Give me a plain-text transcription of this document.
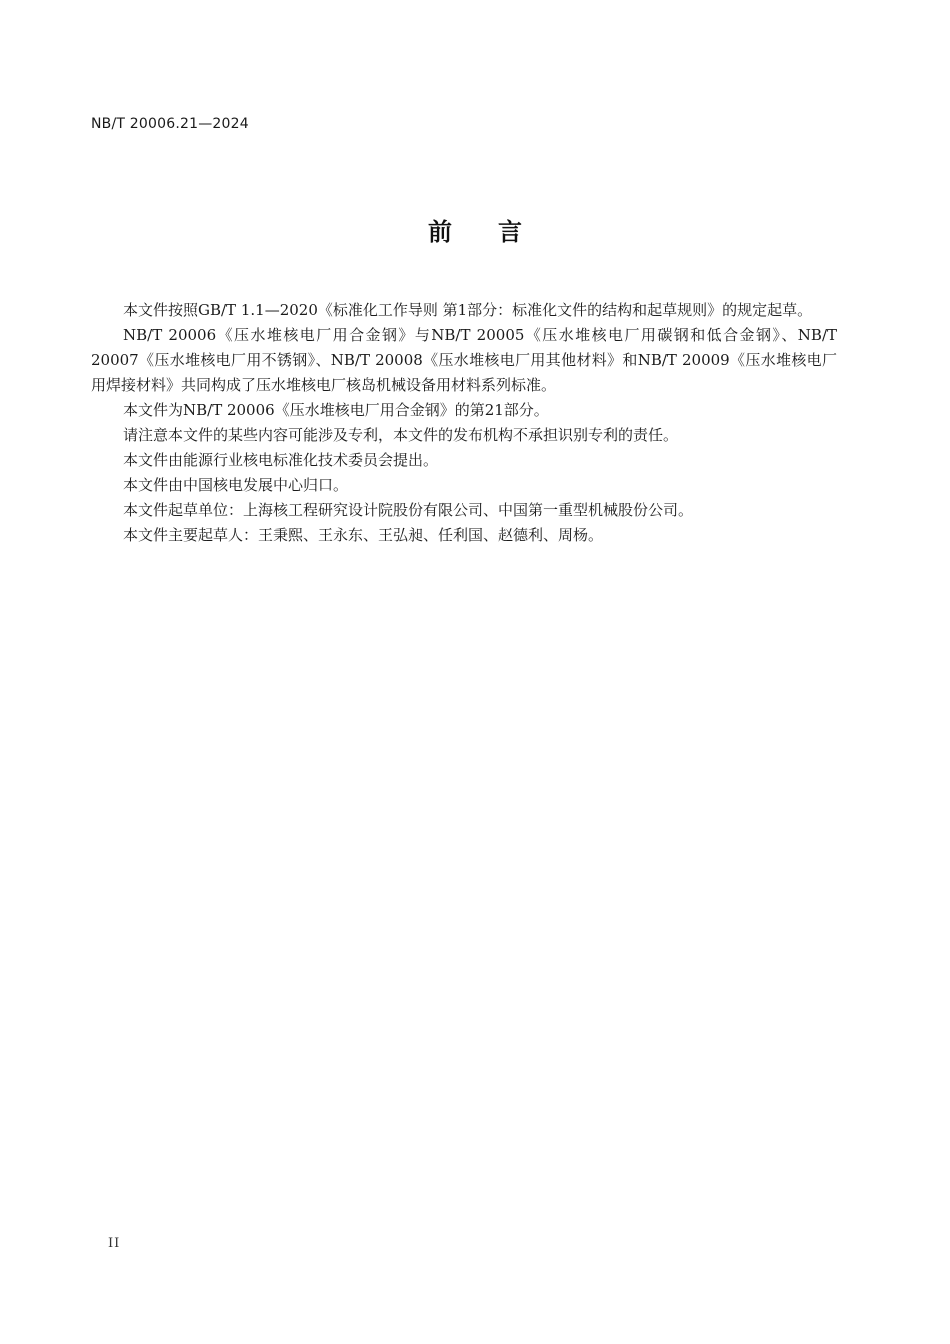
NB/T 20006.21—2024
前 言

本文件按照GB/T 1.1—2020《标准化工作导则 第1部分：标准化文件的结构和起草规则》的规定起草。

NB/T 20006《压水堆核电厂用合金钢》与NB/T 20005《压水堆核电厂用碳钢和低合金钢》、NB/T 20007《压水堆核电厂用不锈钢》、NB/T 20008《压水堆核电厂用其他材料》和NB/T 20009《压水堆核电厂用焊接材料》共同构成了压水堆核电厂核岛机械设备用材料系列标准。

本文件为NB/T 20006《压水堆核电厂用合金钢》的第21部分。

请注意本文件的某些内容可能涉及专利，本文件的发布机构不承担识别专利的责任。

本文件由能源行业核电标准化技术委员会提出。

本文件由中国核电发展中心归口。

本文件起草单位：上海核工程研究设计院股份有限公司、中国第一重型机械股份公司。

本文件主要起草人：王秉熙、王永东、王弘昶、任利国、赵德利、周杨。

II
